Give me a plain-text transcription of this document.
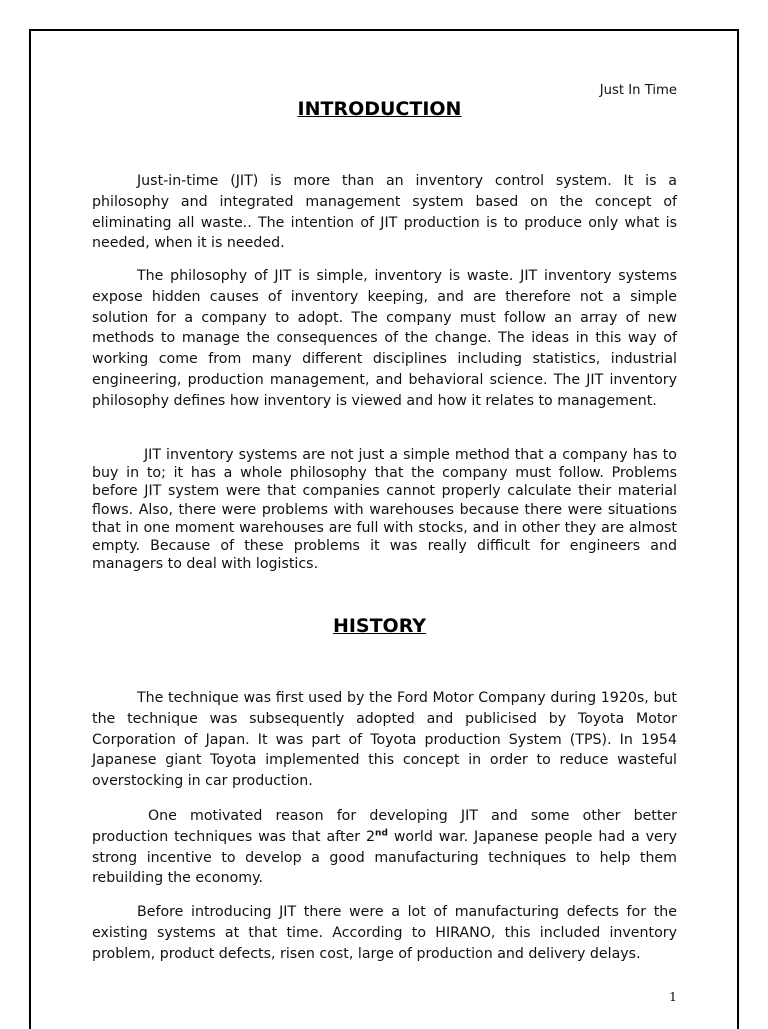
Just In Time
INTRODUCTION

Just-in-time (JIT) is more than an inventory control system. It is a philosophy and integrated management system based on the concept of eliminating all waste.. The intention of JIT production is to produce only what is needed, when it is needed.

The philosophy of JIT is simple, inventory is waste. JIT inventory systems expose hidden causes of inventory keeping, and are therefore not a simple solution for a company to adopt. The company must follow an array of new methods to manage the consequences of the change. The ideas in this way of working come from many different disciplines including statistics, industrial engineering, production management, and behavioral science. The JIT inventory philosophy defines how inventory is viewed and how it relates to management.

JIT inventory systems are not just a simple method that a company has to buy in to; it has a whole philosophy that the company must follow. Problems before JIT system were that companies cannot properly calculate their material flows. Also, there were problems with warehouses because there were situations that in one moment warehouses are full with stocks, and in other they are almost empty. Because of these problems it was really difficult for engineers and managers to deal with logistics.

HISTORY

The technique was first used by the Ford Motor Company during 1920s, but the technique was subsequently adopted and publicised by Toyota Motor Corporation of Japan. It was part of Toyota production System (TPS). In 1954 Japanese giant Toyota implemented this concept in order to reduce wasteful overstocking in car production.

One motivated reason for developing JIT and some other better production techniques was that after 2nd world war. Japanese people had a very strong incentive to develop a good manufacturing techniques to help them rebuilding the economy.

Before introducing JIT there were a lot of manufacturing defects for the existing systems at that time. According to HIRANO, this included inventory problem, product defects, risen cost, large of production and delivery delays.

1
